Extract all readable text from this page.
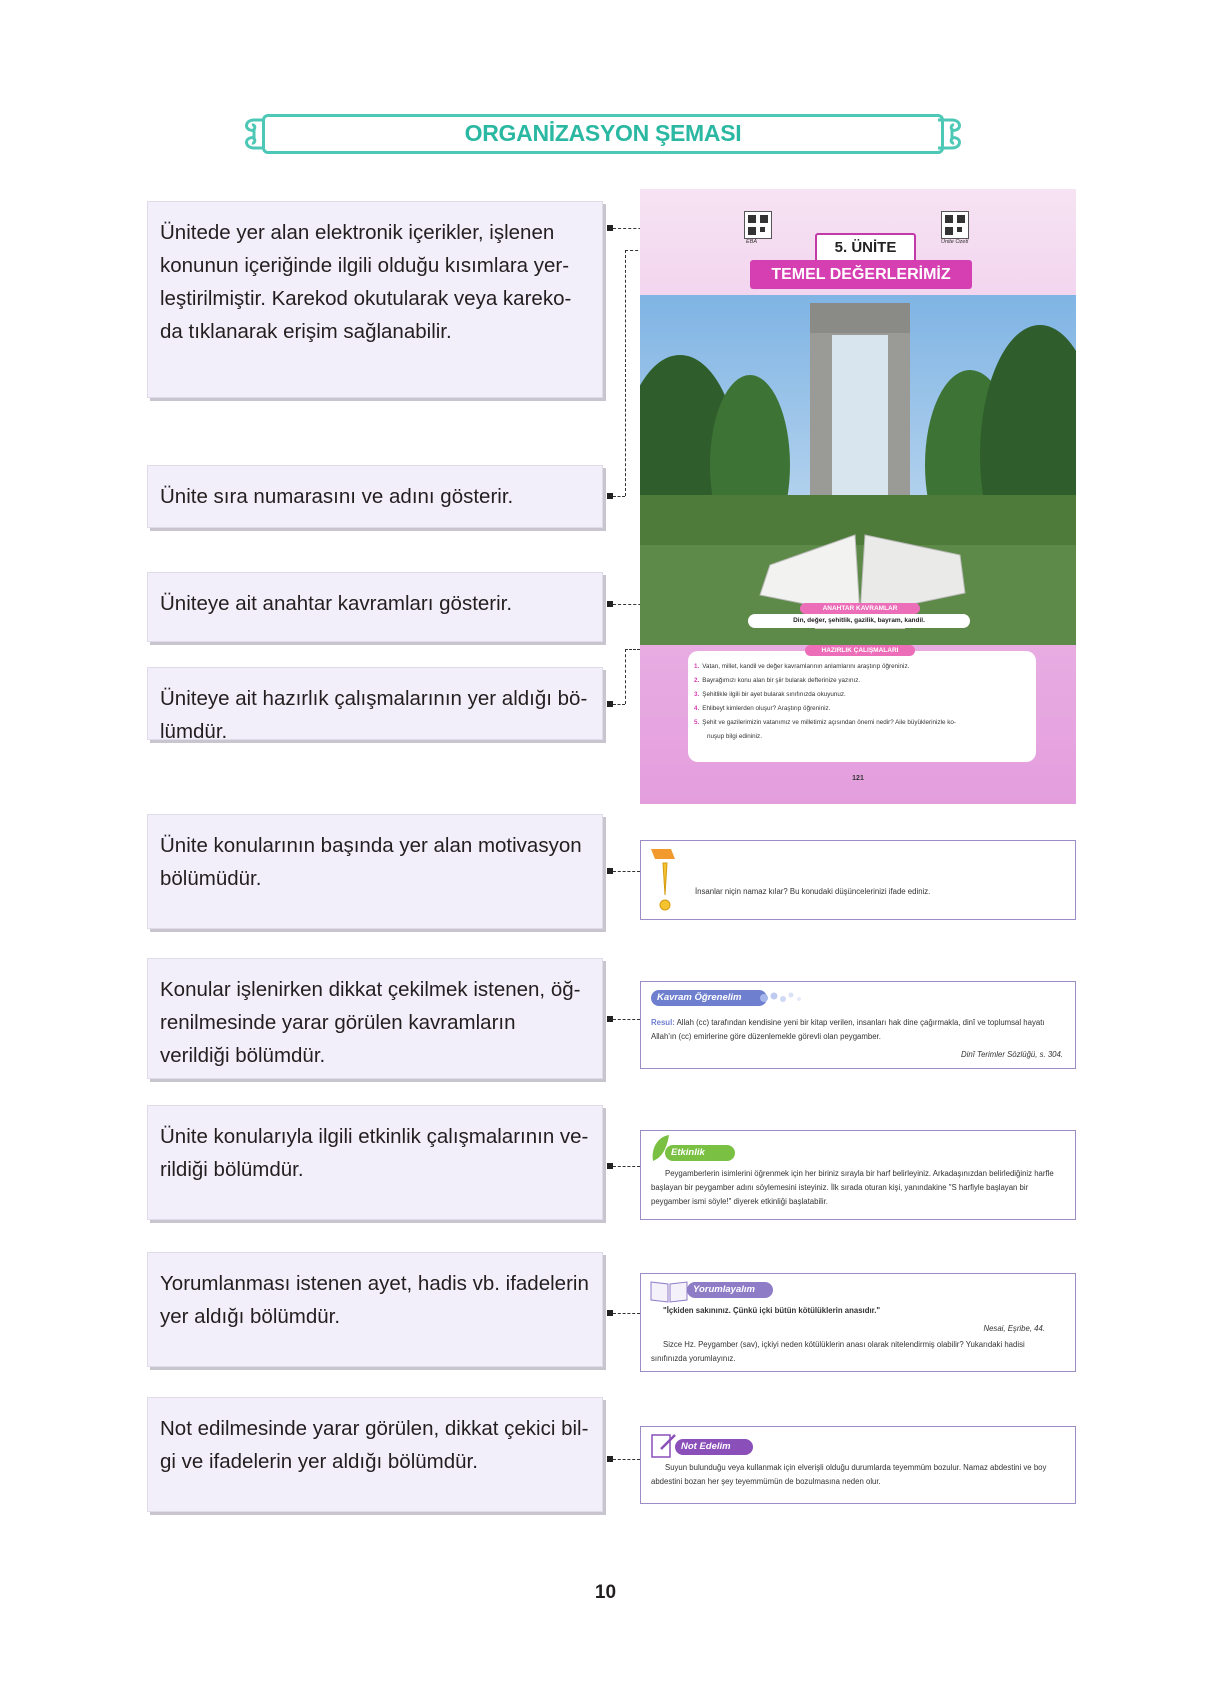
ORGANİZASYON ŞEMASI
Ünitede yer alan elektronik içerikler, işlenen konunun içeriğinde ilgili olduğu kısımlara yer-leştirilmiştir. Karekod okutularak veya kareko-da tıklanarak erişim sağlanabilir.
Ünite sıra numarasını ve adını gösterir.
Üniteye ait anahtar kavramları gösterir.
Üniteye ait hazırlık çalışmalarının yer aldığı bö-lümdür.
Ünite konularının başında yer alan motivasyon bölümüdür.
Konular işlenirken dikkat çekilmek istenen, öğ-renilmesinde yarar görülen kavramların verildiği bölümdür.
Ünite konularıyla ilgili etkinlik çalışmalarının ve-rildiği bölümdür.
Yorumlanması istenen ayet, hadis vb. ifadelerin yer aldığı bölümdür.
Not edilmesinde yarar görülen, dikkat çekici bil-gi ve ifadelerin yer aldığı bölümdür.
EBA	Ünite Özeti
5. ÜNİTE
TEMEL DEĞERLERİMİZ
ANAHTAR KAVRAMLAR
Din, değer, şehitlik, gazilik, bayram, kandil.
1. Vatan, millet, kandil ve değer kavramlarının anlamlarını araştırıp öğreniniz.
2. Bayrağımızı konu alan bir şiir bularak defterinize yazınız.
3. Şehitlikle ilgili bir ayet bularak sınıfınızda okuyunuz.
4. Ehlibeyt kimlerden oluşur? Araştırıp öğreniniz.
5. Şehit ve gazilerimizin vatanımız ve milletimiz açısından önemi nedir? Aile büyüklerinizle ko-
nuşup bilgi edininiz.
HAZIRLIK ÇALIŞMALARI
121
İnsanlar niçin namaz kılar? Bu konudaki düşüncelerinizi ifade ediniz.
Kavram Öğrenelim
Resul: Allah (cc) tarafından kendisine yeni bir kitap verilen, insanları hak dine çağırmakla, dinî ve toplumsal hayatı Allah'ın (cc) emirlerine göre düzenlemekle görevli olan peygamber.
Dinî Terimler Sözlüğü, s. 304.
Etkinlik
Peygamberlerin isimlerini öğrenmek için her biriniz sırayla bir harf belirleyiniz. Arkadaşınızdan belirlediğiniz harfle başlayan bir peygamber adını söylemesini isteyiniz. İlk sırada oturan kişi, yanındakine "S harfiyle başlayan bir peygamber ismi söyle!" diyerek etkinliği başlatabilir.
Yorumlayalım
"İçkiden sakınınız. Çünkü içki bütün kötülüklerin anasıdır."
Nesai, Eşribe, 44.
Sizce Hz. Peygamber (sav), içkiyi neden kötülüklerin anası olarak nitelendirmiş olabilir? Yukarıdaki hadisi sınıfınızda yorumlayınız.
Not Edelim
Suyun bulunduğu veya kullanmak için elverişli olduğu durumlarda teyemmüm bozulur. Namaz abdestini ve boy abdestini bozan her şey teyemmümün de bozulmasına neden olur.
10
